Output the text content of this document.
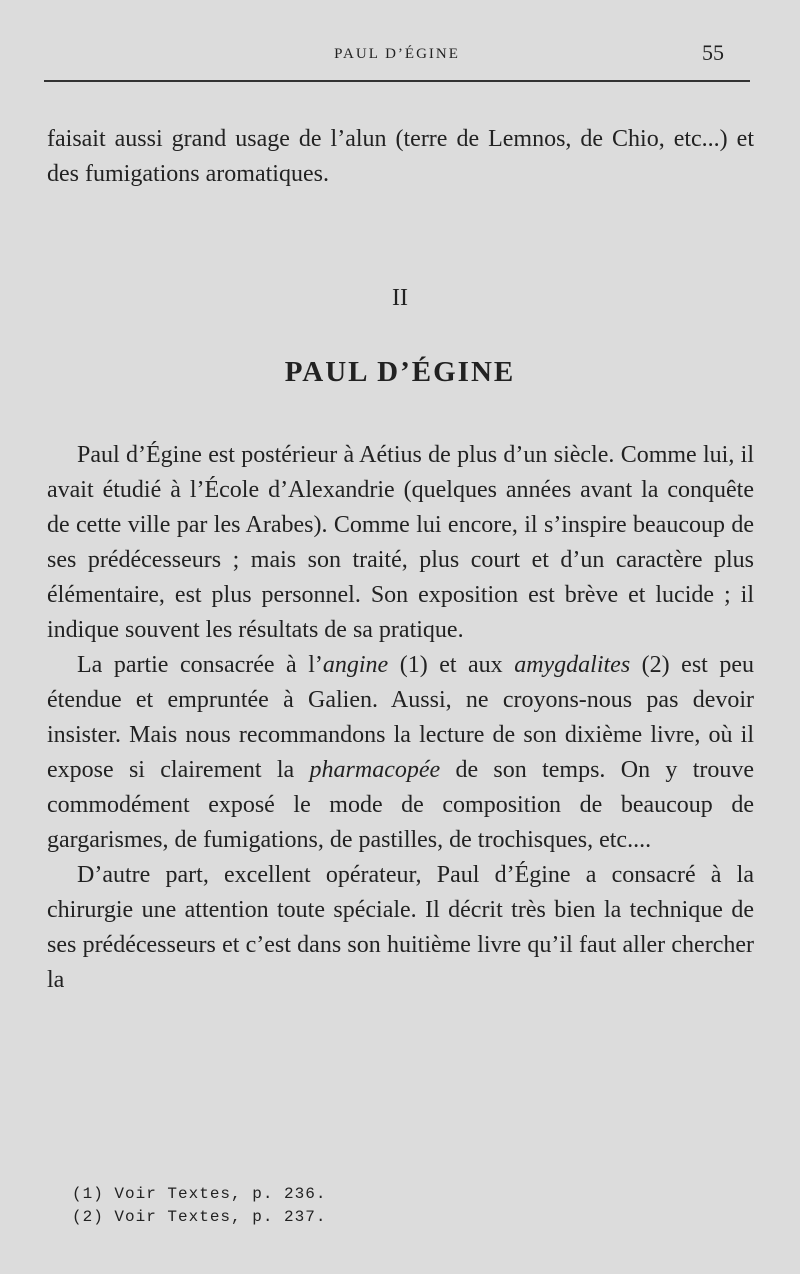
PAUL D’ÉGINE	55

faisait aussi grand usage de l’alun (terre de Lemnos, de Chio, etc...) et des fumigations aromatiques.

II
PAUL D’ÉGINE

Paul d’Égine est postérieur à Aétius de plus d’un siècle. Comme lui, il avait étudié à l’École d’Alexandrie (quelques années avant la conquête de cette ville par les Arabes). Comme lui encore, il s’inspire beaucoup de ses prédécesseurs ; mais son traité, plus court et d’un caractère plus élémentaire, est plus personnel. Son exposition est brève et lucide ; il indique souvent les résultats de sa pratique.

La partie consacrée à l’angine (1) et aux amygdalites (2) est peu étendue et empruntée à Galien. Aussi, ne croyons-nous pas devoir insister. Mais nous recommandons la lecture de son dixième livre, où il expose si clairement la pharmacopée de son temps. On y trouve commodément exposé le mode de composition de beaucoup de gargarismes, de fumigations, de pastilles, de trochisques, etc....

D’autre part, excellent opérateur, Paul d’Égine a consacré à la chirurgie une attention toute spéciale. Il décrit très bien la technique de ses prédécesseurs et c’est dans son huitième livre qu’il faut aller chercher la

(1) Voir Textes, p. 236.
(2) Voir Textes, p. 237.
